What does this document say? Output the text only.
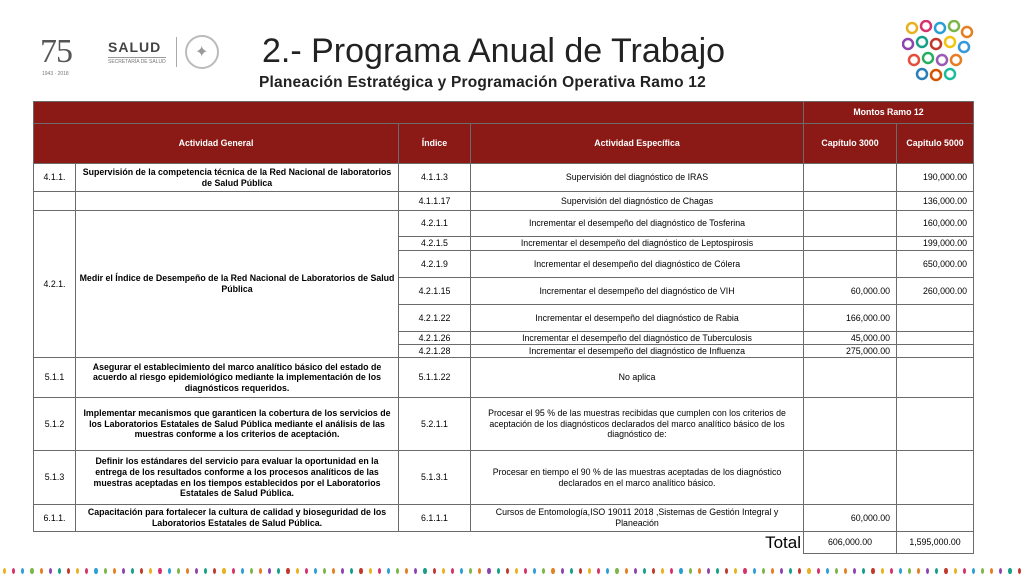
75
1943 · 2018
SALUD
SECRETARÍA DE SALUD
✦	2.- Programa Anual de Trabajo
Planeación Estratégica y Programación Operativa Ramo 12
				Montos Ramo 12	
Actividad General		Índice	Actividad Específica	Capítulo 3000	Capitulo 5000
4.1.1.	Supervisión de la competencia técnica de la Red Nacional de laboratorios de Salud Pública	4.1.1.3	Supervisión del diagnóstico de IRAS		190,000.00
		4.1.1.17	Supervisión del diagnóstico de Chagas		136,000.00
4.2.1.	Medir el Índice de Desempeño de la Red Nacional de Laboratorios de Salud Pública	4.2.1.1	Incrementar el desempeño del diagnóstico de Tosferina		160,000.00
		4.2.1.5	Incrementar el desempeño del diagnóstico de Leptospirosis		199,000.00
		4.2.1.9	Incrementar el desempeño del diagnóstico de Cólera		650,000.00
		4.2.1.15	Incrementar el desempeño del diagnóstico de VIH	60,000.00	260,000.00
		4.2.1.22	Incrementar el desempeño del diagnóstico de Rabia	166,000.00	
		4.2.1.26	Incrementar el desempeño del diagnóstico de Tuberculosis	45,000.00	
		4.2.1.28	Incrementar el desempeño del diagnóstico de Influenza	275,000.00	
5.1.1	Asegurar el establecimiento del marco analítico básico del estado de acuerdo al riesgo epidemiológico mediante la implementación de los diagnósticos requeridos.	5.1.1.22	No aplica		
5.1.2	Implementar mecanismos que garanticen la cobertura de los servicios de los Laboratorios Estatales de Salud Pública mediante el análisis de las muestras conforme a los criterios de aceptación.	5.2.1.1	Procesar el 95 % de las muestras recibidas que cumplen con los criterios de aceptación de los diagnósticos declarados del marco analítico básico de los diagnóstico de:		
5.1.3	Definir los estándares del servicio para evaluar la oportunidad en la entrega de los resultados conforme a los procesos analíticos de las muestras aceptadas en los tiempos establecidos por el Laboratorios Estatales de Salud Pública.	5.1.3.1	Procesar en tiempo el 90 % de las muestras aceptadas de los diagnóstico declarados en el marco analítico básico.		
6.1.1.	Capacitación para fortalecer la cultura de calidad y bioseguridad de los Laboratorios Estatales de Salud Pública.	6.1.1.1	Cursos de Entomología,ISO 19011 2018 ,Sistemas de Gestión Integral y Planeación	60,000.00	
Total				606,000.00	1,595,000.00
